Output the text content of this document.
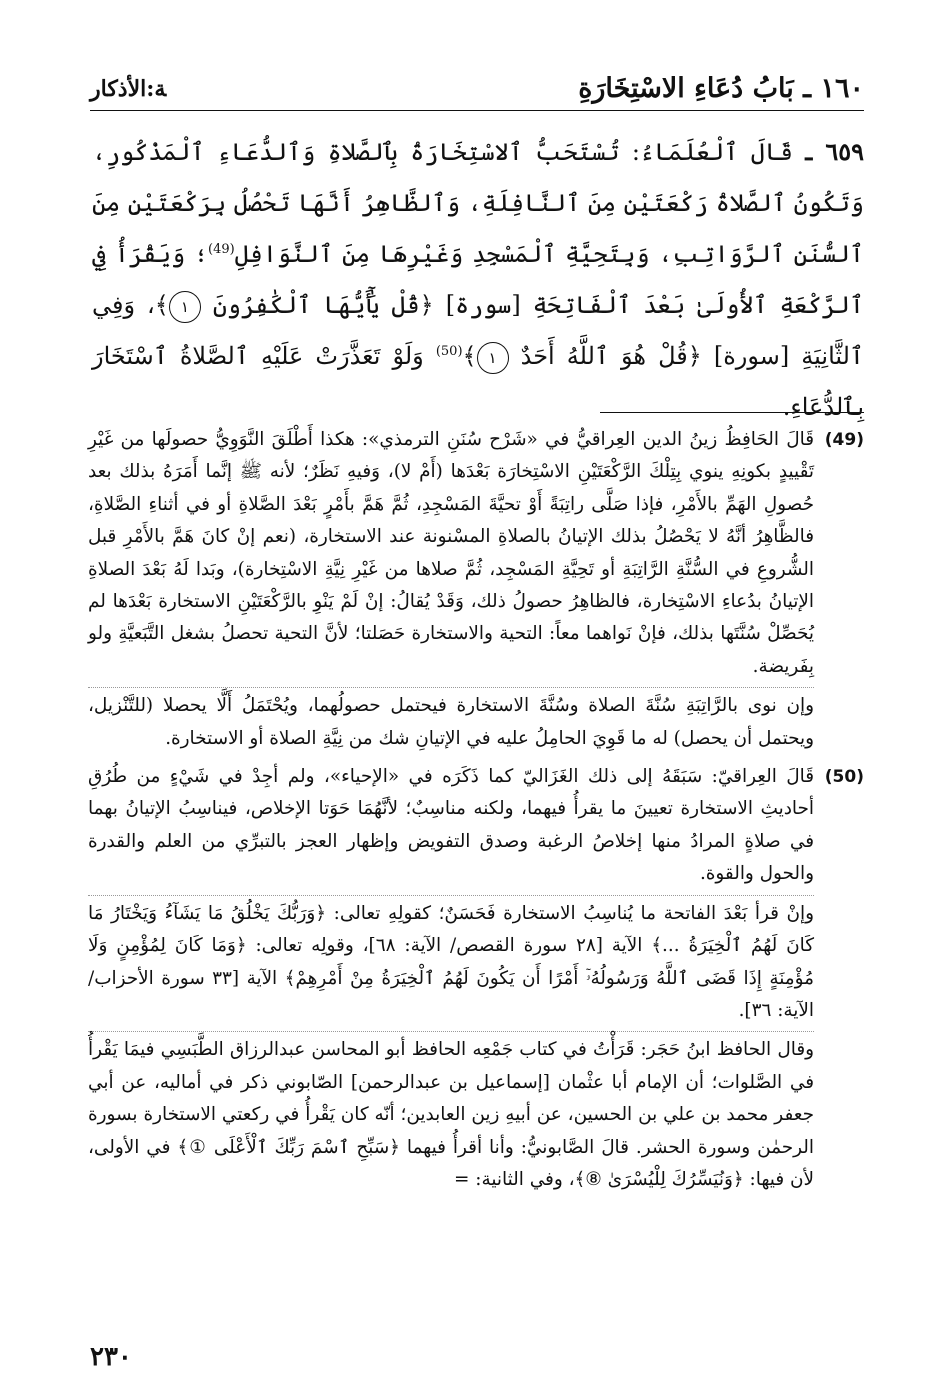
١٦٠ ـ بَابُ دُعَاءِ الاسْتِخَارَةِ
ﺔ:الأذكار

٦٥٩ ـ قَالَ ٱلْعُلَمَاءُ: تُسْتَحَبُّ ٱلاسْتِخَارَةُ بِٱلصَّلاةِ وَٱلدُّعَاءِ ٱلْمَذْكُورِ، وَتَكُونُ ٱلصَّلاةُ رَكْعَتَيْنِ مِنَ ٱلنَّافِلَةِ، وَٱلظَّاهِرُ أَنَّهَا تَحْصُلُ بِرَكْعَتَيْنِ مِنَ ٱلسُّنَنِ ٱلرَّوَاتِبِ، وَبِتَحِيَّةِ ٱلْمَسْجِدِ وَغَيْرِهَا مِنَ ٱلنَّوَافِلِ$^{(49)}$؛ وَيَقْرَأُ فِي ٱلرَّكْعَةِ ٱلأُولَىٰ بَعْدَ ٱلْفَاتِحَةِ [سورة] ﴿قُلْ يَٰٓأَيُّهَا ٱلْكَٰفِرُونَ ١﴾، وَفِي ٱلثَّانِيَةِ [سورة] ﴿قُلْ هُوَ ٱللَّهُ أَحَدٌ ١﴾$^{(50)}$ وَلَوْ تَعَذَّرَتْ عَلَيْهِ ٱلصَّلاةُ ٱسْتَخَارَ بِٱلدُّعَاءِ.

(49)

قَالَ الحَافِظُ زينُ الدين العِراقيُّ في «شَرْح سُنَنِ الترمذي»: هكذا أَطْلَقَ النَّوَوِيُّ حصولَها من غَيْرِ تَقْييدٍ بكونِهِ ينوي بِتِلْكَ الرَّكْعَتَيْنِ الاسْتِخارَة بَعْدَها (أَمْ لا)، وَفيهِ نَظَرٌ؛ لأنه ﷺ إنَّما أَمَرَهُ بذلك بعد حُصولِ الهَمِّ بالأَمْرِ، فإذا صَلَّى راتِبَةً أَوْ تحيَّةَ المَسْجِدِ، ثُمَّ هَمَّ بأَمْرٍ بَعْدَ الصَّلاةِ أو في أثناءِ الصَّلاةِ، فالظَّاهِرُ أنَّهُ لا يَحْصُلُ بذلك الإتيانُ بالصلاةِ المسْنونة عند الاستخارة، (نعم إنْ كانَ هَمَّ بالأَمْرِ قبل الشُّروعِ في السُّنَّةِ الرَّاتِبَةِ أو تَحِيَّةِ المَسْجِد، ثُمَّ صلاها من غَيْرِ نِيَّةِ الاسْتِخارة)، وبَدا لَهُ بَعْدَ الصلاةِ الإتيانُ بدُعاءِ الاسْتِخارة، فالظاهِرُ حصولُ ذلك، وَقَدْ يُقالُ: إنْ لَمْ يَنْوِ بالرَّكْعَتَيْنِ الاستخارة بَعْدَها لم يُحَصِّلْ سُنَّتَها بذلك، فإنْ نَواهما معاً: التحية والاستخارة حَصَلتا؛ لأنَّ التحية تحصلُ بشغل التَّبَعيَّةِ ولو بِفَريضة.

وإن نوى بالرَّاتِبَةِ سُنَّةَ الصلاة وسُنَّةَ الاستخارة فيحتمل حصولُهما، ويُحْتَمَلُ أَلَّا يحصلا (للتَّنْزيل، ويحتمل أن يحصل) له ما قَوِيَ الحامِلُ عليه في الإتيانِ شك من نِيَّةِ الصلاة أو الاستخارة.

(50)

قَالَ العِراقيّ: سَبَقَهُ إلى ذلك الغَزَاليّ كما ذَكَرَه في «الإحياء»، ولم أجِدْ في شَيْءٍ من طُرُقِ أحاديثِ الاستخارة تعيينَ ما يقرأُ فيهما، ولكنه مناسِبٌ؛ لأنَّهُمَا حَوَتا الإخلاص، فيناسِبُ الإتيانُ بهما في صلاةٍ المرادُ منها إخلاصُ الرغبة وصدق التفويض وإظهار العجز بالتبرِّي من العلم والقدرة والحول والقوة.

وإنْ قرأ بَعْدَ الفاتحة ما يُناسِبُ الاستخارة فَحَسَنٌ؛ كقولِهِ تعالى: ﴿وَرَبُّكَ يَخْلُقُ مَا يَشَآءُ وَيَخْتَارُ مَا كَانَ لَهُمُ ٱلْخِيَرَةُ ...﴾ الآية [٢٨ سورة القصص/ الآية: ٦٨]، وقولِه تعالى: ﴿وَمَا كَانَ لِمُؤْمِنٍ وَلَا مُؤْمِنَةٍ إِذَا قَضَى ٱللَّهُ وَرَسُولُهُۥٓ أَمْرًا أَن يَكُونَ لَهُمُ ٱلْخِيَرَةُ مِنْ أَمْرِهِمْ﴾ الآية [٣٣ سورة الأحزاب/ الآية: ٣٦].

وقال الحافظ ابنُ حَجَر: قَرَأْتُ في كتاب جَمْعِه الحافظ أبو المحاسن عبدالرزاق الطَّبَسِي فيمَا يَقْرأُ في الصَّلوات؛ أن الإمام أبا عثْمان [إسماعيل بن عبدالرحمن] الصّابوني ذكر في أماليه، عن أبي جعفر محمد بن علي بن الحسين، عن أبيهِ زين العابدين؛ أنّه كان يَقْرأُ في ركعتي الاستخارة بسورة الرحمٰن وسورة الحشر. قالَ الصَّابونيُّ: وأنا أقرأُ فيهما ﴿سَبِّحِ ٱسْمَ رَبِّكَ ٱلْأَعْلَى ①﴾ في الأولى، لأن فيها: ﴿وَنُيَسِّرُكَ لِلْيُسْرَىٰ ⑧﴾، وفي الثانية: =

٢٣٠
